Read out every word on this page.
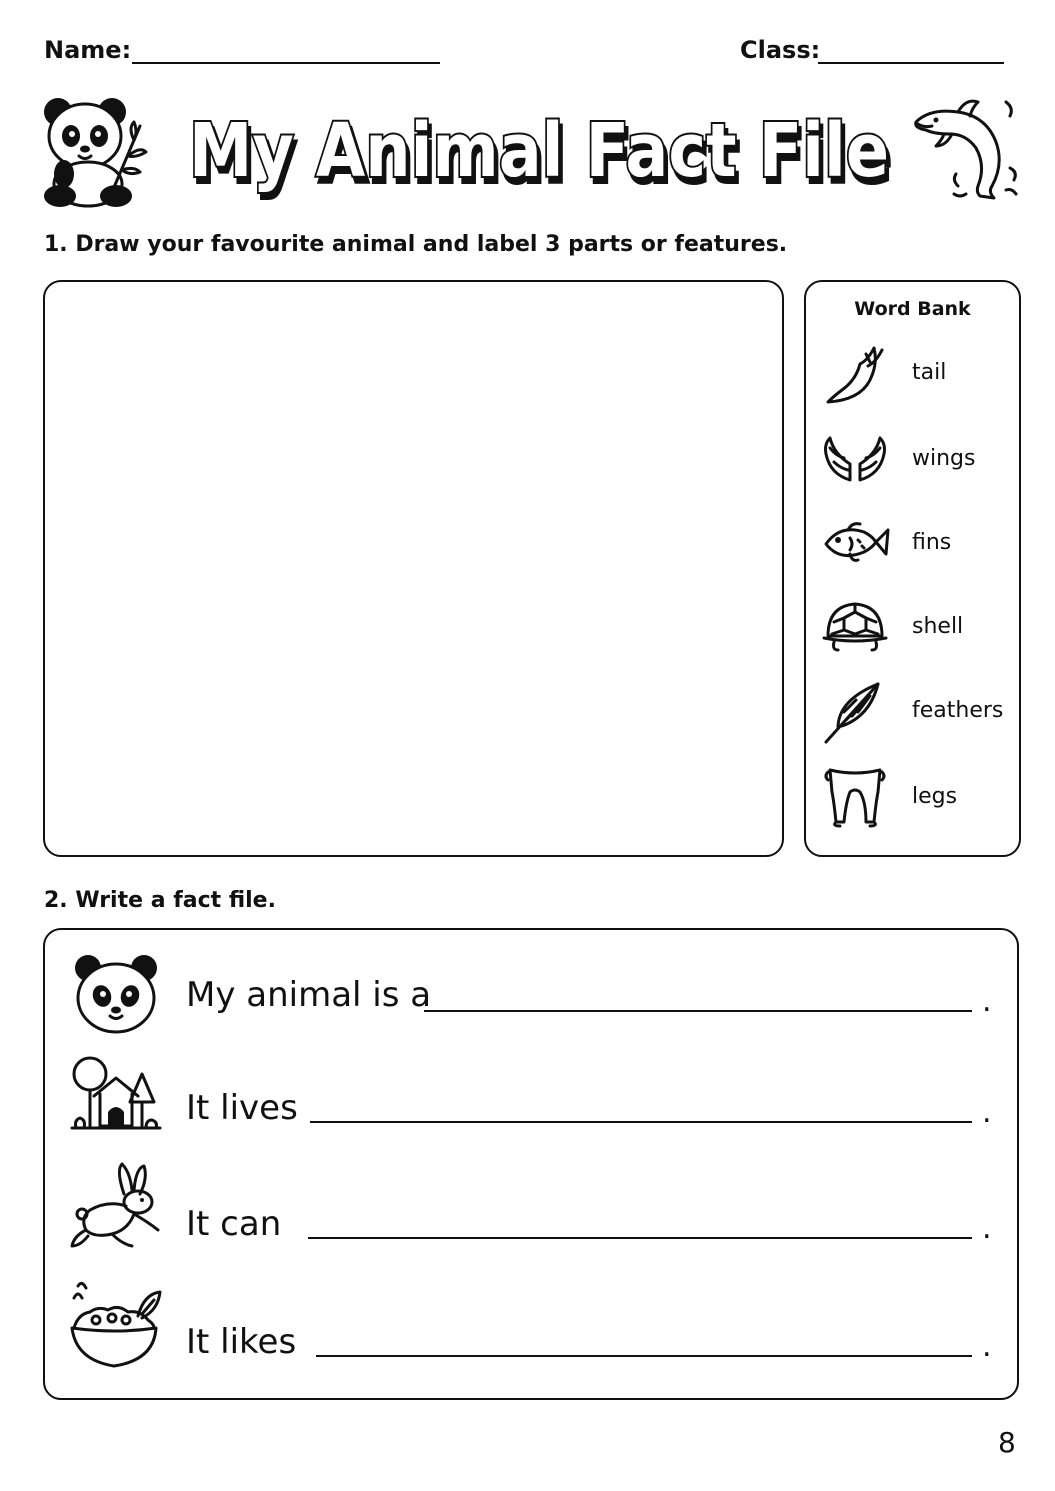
Name:	Class:
My Animal Fact File
My Animal Fact File
1. Draw your favourite animal and label 3 parts or features.
Word Bank
tail
wings
fins
shell
feathers
legs
2. Write a fact file.
My animal is a	.
It lives	.
It can	.
It likes	.
8
